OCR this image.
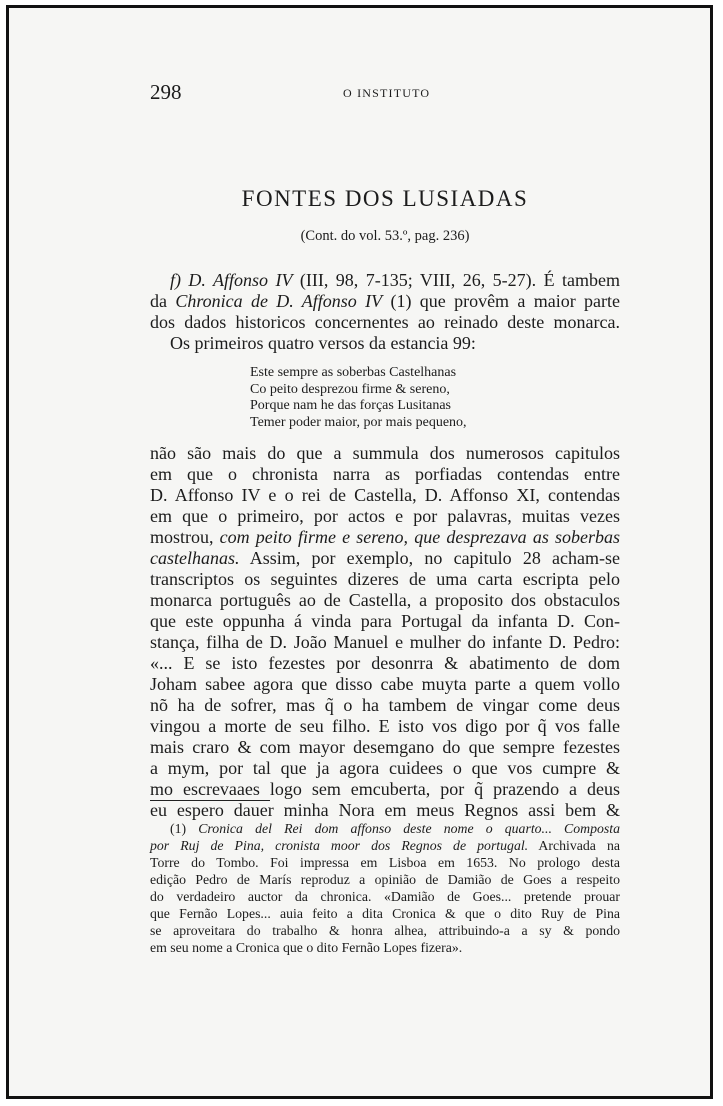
298	O INSTITUTO
FONTES DOS LUSIADAS
(Cont. do vol. 53.º, pag. 236)
f) D. Affonso IV (III, 98, 7-135; VIII, 26, 5-27). É tambem
da Chronica de D. Affonso IV (1) que provêm a maior parte
dos dados historicos concernentes ao reinado deste monarca.
Os primeiros quatro versos da estancia 99:
Este sempre as soberbas Castelhanas
Co peito desprezou firme & sereno,
Porque nam he das forças Lusitanas
Temer poder maior, por mais pequeno,
não são mais do que a summula dos numerosos capitulos
em que o chronista narra as porfiadas contendas entre
D. Affonso IV e o rei de Castella, D. Affonso XI, contendas
em que o primeiro, por actos e por palavras, muitas vezes
mostrou, com peito firme e sereno, que desprezava as soberbas
castelhanas. Assim, por exemplo, no capitulo 28 acham-se
transcriptos os seguintes dizeres de uma carta escripta pelo
monarca português ao de Castella, a proposito dos obstaculos
que este oppunha á vinda para Portugal da infanta D. Con-
stança, filha de D. João Manuel e mulher do infante D. Pedro:
«... E se isto fezestes por desonrra & abatimento de dom
Joham sabee agora que disso cabe muyta parte a quem vollo
nõ ha de sofrer, mas q̃ o ha tambem de vingar come deus
vingou a morte de seu filho. E isto vos digo por q̃ vos falle
mais craro & com mayor desemgano do que sempre fezestes
a mym, por tal que ja agora cuidees o que vos cumpre &
mo escrevaaes logo sem emcuberta, por q̃ prazendo a deus
eu espero dauer minha Nora em meus Regnos assi bem &
(1) Cronica del Rei dom affonso deste nome o quarto... Composta
por Ruj de Pina, cronista moor dos Regnos de portugal. Archivada na
Torre do Tombo. Foi impressa em Lisboa em 1653. No prologo desta
edição Pedro de Marís reproduz a opinião de Damião de Goes a respeito
do verdadeiro auctor da chronica. «Damião de Goes... pretende prouar
que Fernão Lopes... auia feito a dita Cronica & que o dito Ruy de Pina
se aproveitara do trabalho & honra alhea, attribuindo-a a sy & pondo
em seu nome a Cronica que o dito Fernão Lopes fizera».
